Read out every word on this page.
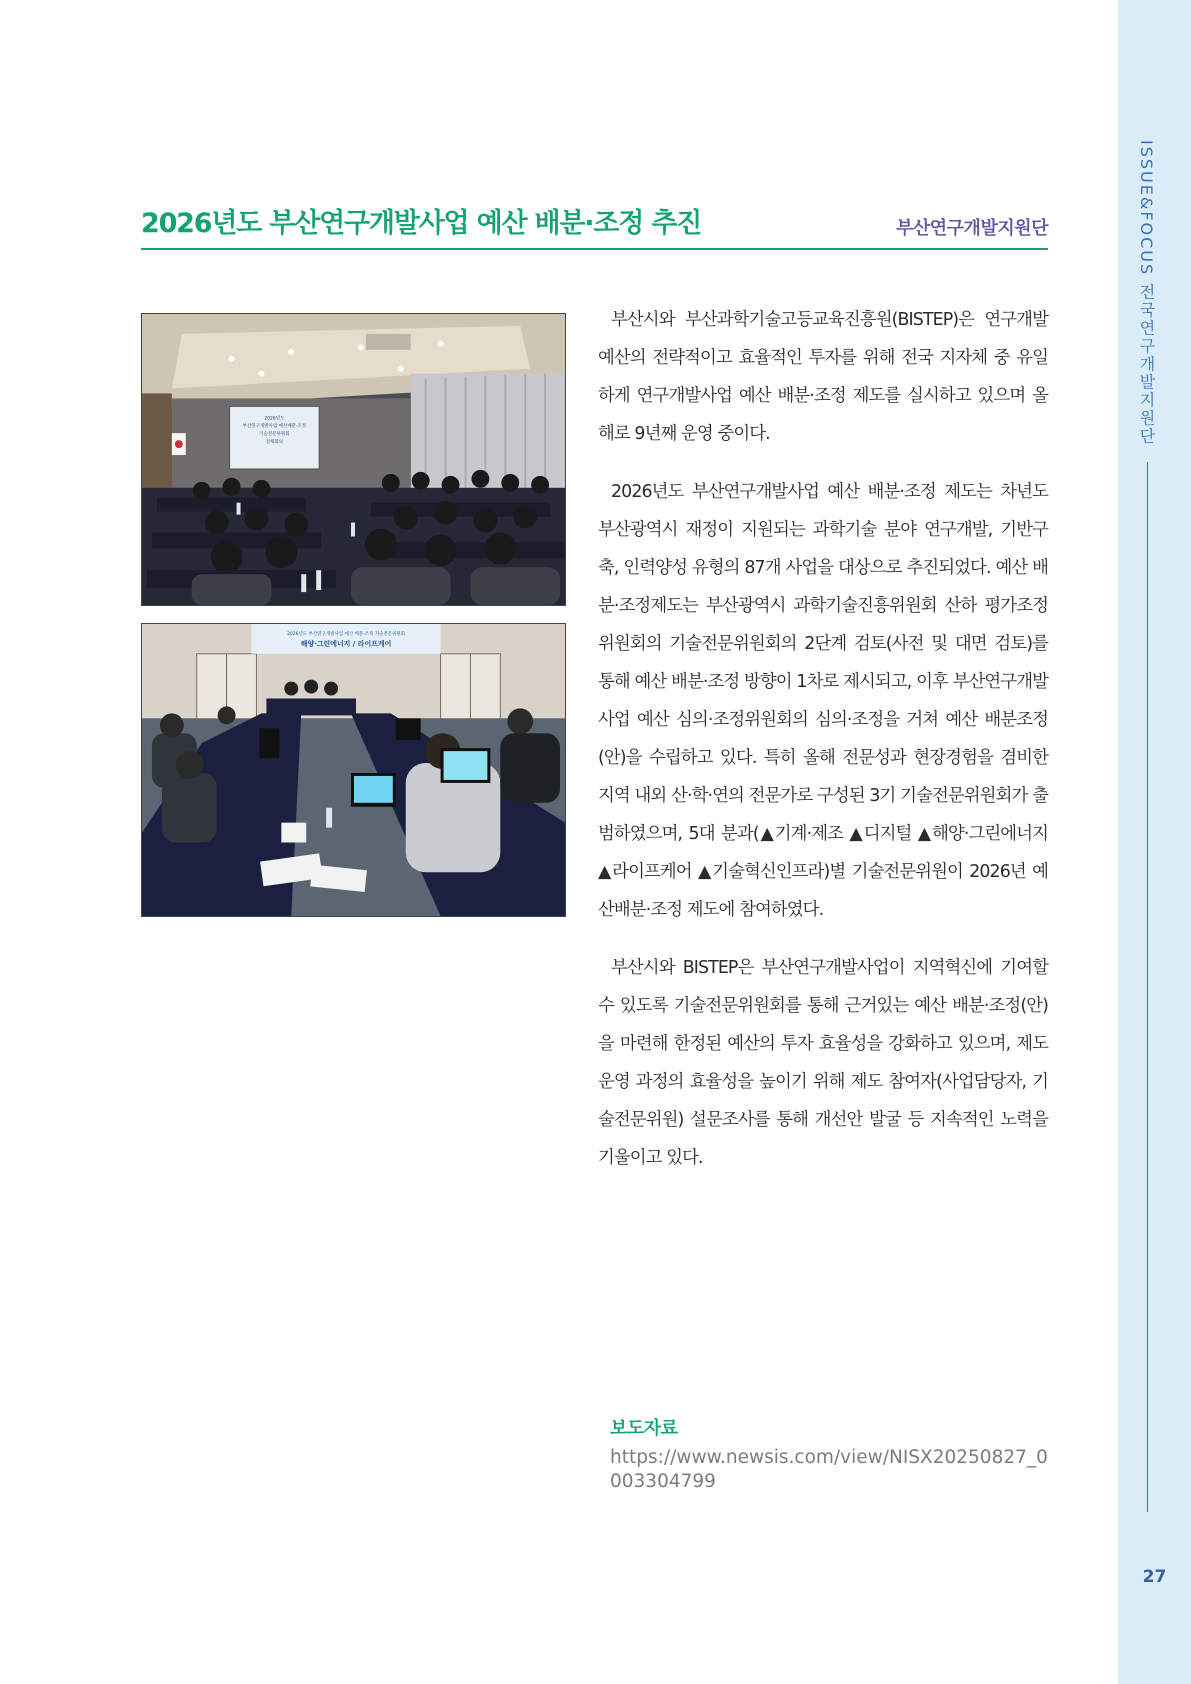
ISSUE&FOCUS 전국연구개발지원단
27
2026년도 부산연구개발사업 예산 배분·조정 추진	부산연구개발지원단
2026년도
부산연구개발사업 예산배분·조정
기술전문위원회
전체회의
2026년도 부산연구개발사업 예산 배분·조정 기술전문위원회
해양·그린에너지 / 라이프케어

부산시와 부산과학기술고등교육진흥원(BISTEP)은 연구개발 예산의 전략적이고 효율적인 투자를 위해 전국 지자체 중 유일하게 연구개발사업 예산 배분·조정 제도를 실시하고 있으며 올해로 9년째 운영 중이다.

2026년도 부산연구개발사업 예산 배분·조정 제도는 차년도 부산광역시 재정이 지원되는 과학기술 분야 연구개발, 기반구축, 인력양성 유형의 87개 사업을 대상으로 추진되었다. 예산 배분·조정제도는 부산광역시 과학기술진흥위원회 산하 평가조정위원회의 기술전문위원회의 2단계 검토(사전 및 대면 검토)를 통해 예산 배분·조정 방향이 1차로 제시되고, 이후 부산연구개발사업 예산 심의·조정위원회의 심의·조정을 거쳐 예산 배분조정(안)을 수립하고 있다. 특히 올해 전문성과 현장경험을 겸비한 지역 내외 산·학·연의 전문가로 구성된 3기 기술전문위원회가 출범하였으며, 5대 분과(▲기계·제조 ▲디지털 ▲해양·그린에너지 ▲라이프케어 ▲기술혁신인프라)별 기술전문위원이 2026년 예산배분·조정 제도에 참여하였다.

부산시와 BISTEP은 부산연구개발사업이 지역혁신에 기여할 수 있도록 기술전문위원회를 통해 근거있는 예산 배분·조정(안)을 마련해 한정된 예산의 투자 효율성을 강화하고 있으며, 제도 운영 과정의 효율성을 높이기 위해 제도 참여자(사업담당자, 기술전문위원) 설문조사를 통해 개선안 발굴 등 지속적인 노력을 기울이고 있다.

보도자료
https://www.newsis.com/view/NISX20250827_0003304799
